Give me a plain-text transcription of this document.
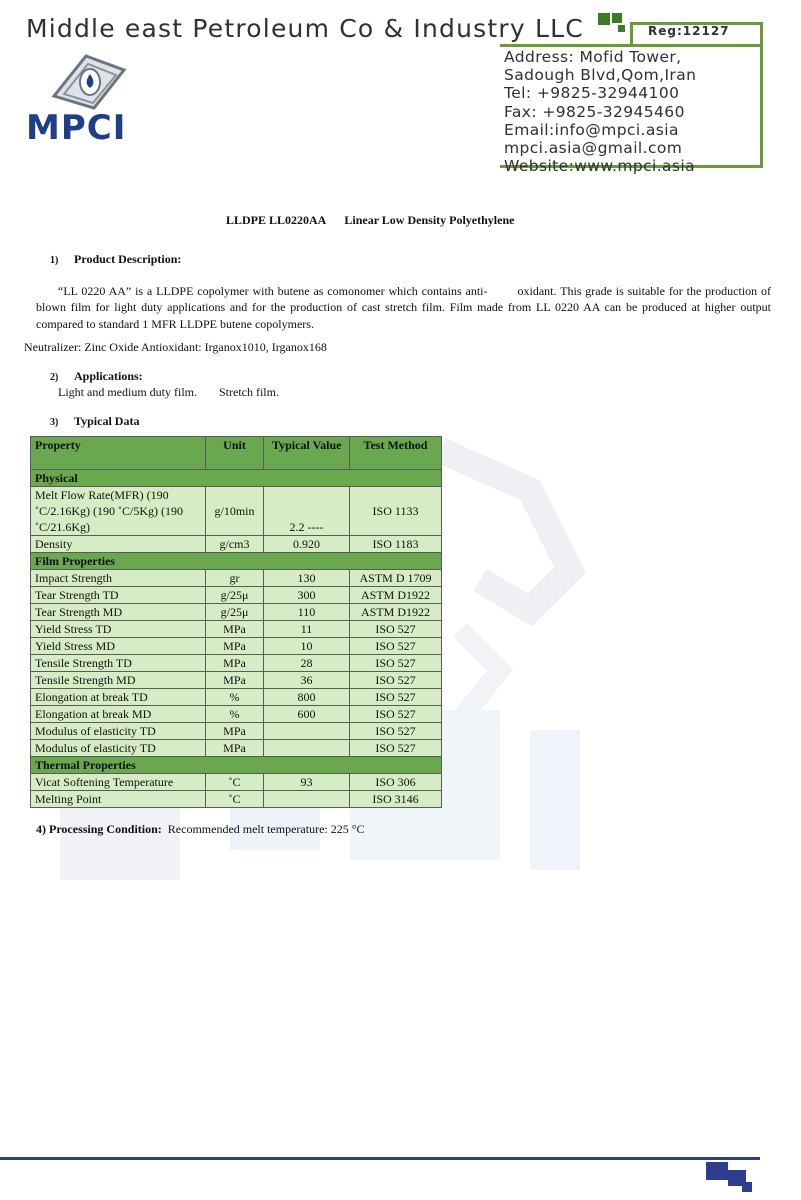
Middle east Petroleum Co & Industry LLC	Reg:12127
Address: Mofid Tower,
Sadough Blvd,Qom,Iran
Tel: +9825-32944100
Fax: +9825-32945460
Email:info@mpci.asia
mpci.asia@gmail.com
Website:www.mpci.asia
MPCI
LLDPE LL0220AA Linear Low Density Polyethylene
1) Product Description:
“LL 0220 AA” is a LLDPE copolymer with butene as comonomer which contains anti-	oxidant. This grade is suitable for the production of blown film for light duty applications and for the production of cast stretch film. Film made from LL 0220 AA can be produced at higher output compared to standard 1 MFR LLDPE butene copolymers.
Neutralizer: Zinc Oxide Antioxidant: Irganox1010, Irganox168
2) Applications:
Light and medium duty film. Stretch film.
3) Typical Data
Property	Unit	Typical Value	Test Method
Physical			
Melt Flow Rate(MFR) (190 ˚C/2.16Kg) (190 ˚C/5Kg) (190 ˚C/21.6Kg)	g/10min	2.2 ----	ISO 1133
Density	g/cm3	0.920	ISO 1183
Film Properties			
Impact Strength	gr	130	ASTM D 1709
Tear Strength TD	g/25μ	300	ASTM D1922
Tear Strength MD	g/25μ	110	ASTM D1922
Yield Stress TD	MPa	11	ISO 527
Yield Stress MD	MPa	10	ISO 527
Tensile Strength TD	MPa	28	ISO 527
Tensile Strength MD	MPa	36	ISO 527
Elongation at break TD	%	800	ISO 527
Elongation at break MD	%	600	ISO 527
Modulus of elasticity TD	MPa		ISO 527
Modulus of elasticity TD	MPa		ISO 527
Thermal Properties			
Vicat Softening Temperature	˚C	93	ISO 306
Melting Point	˚C		ISO 3146
4) Processing Condition: Recommended melt temperature: 225 °C
